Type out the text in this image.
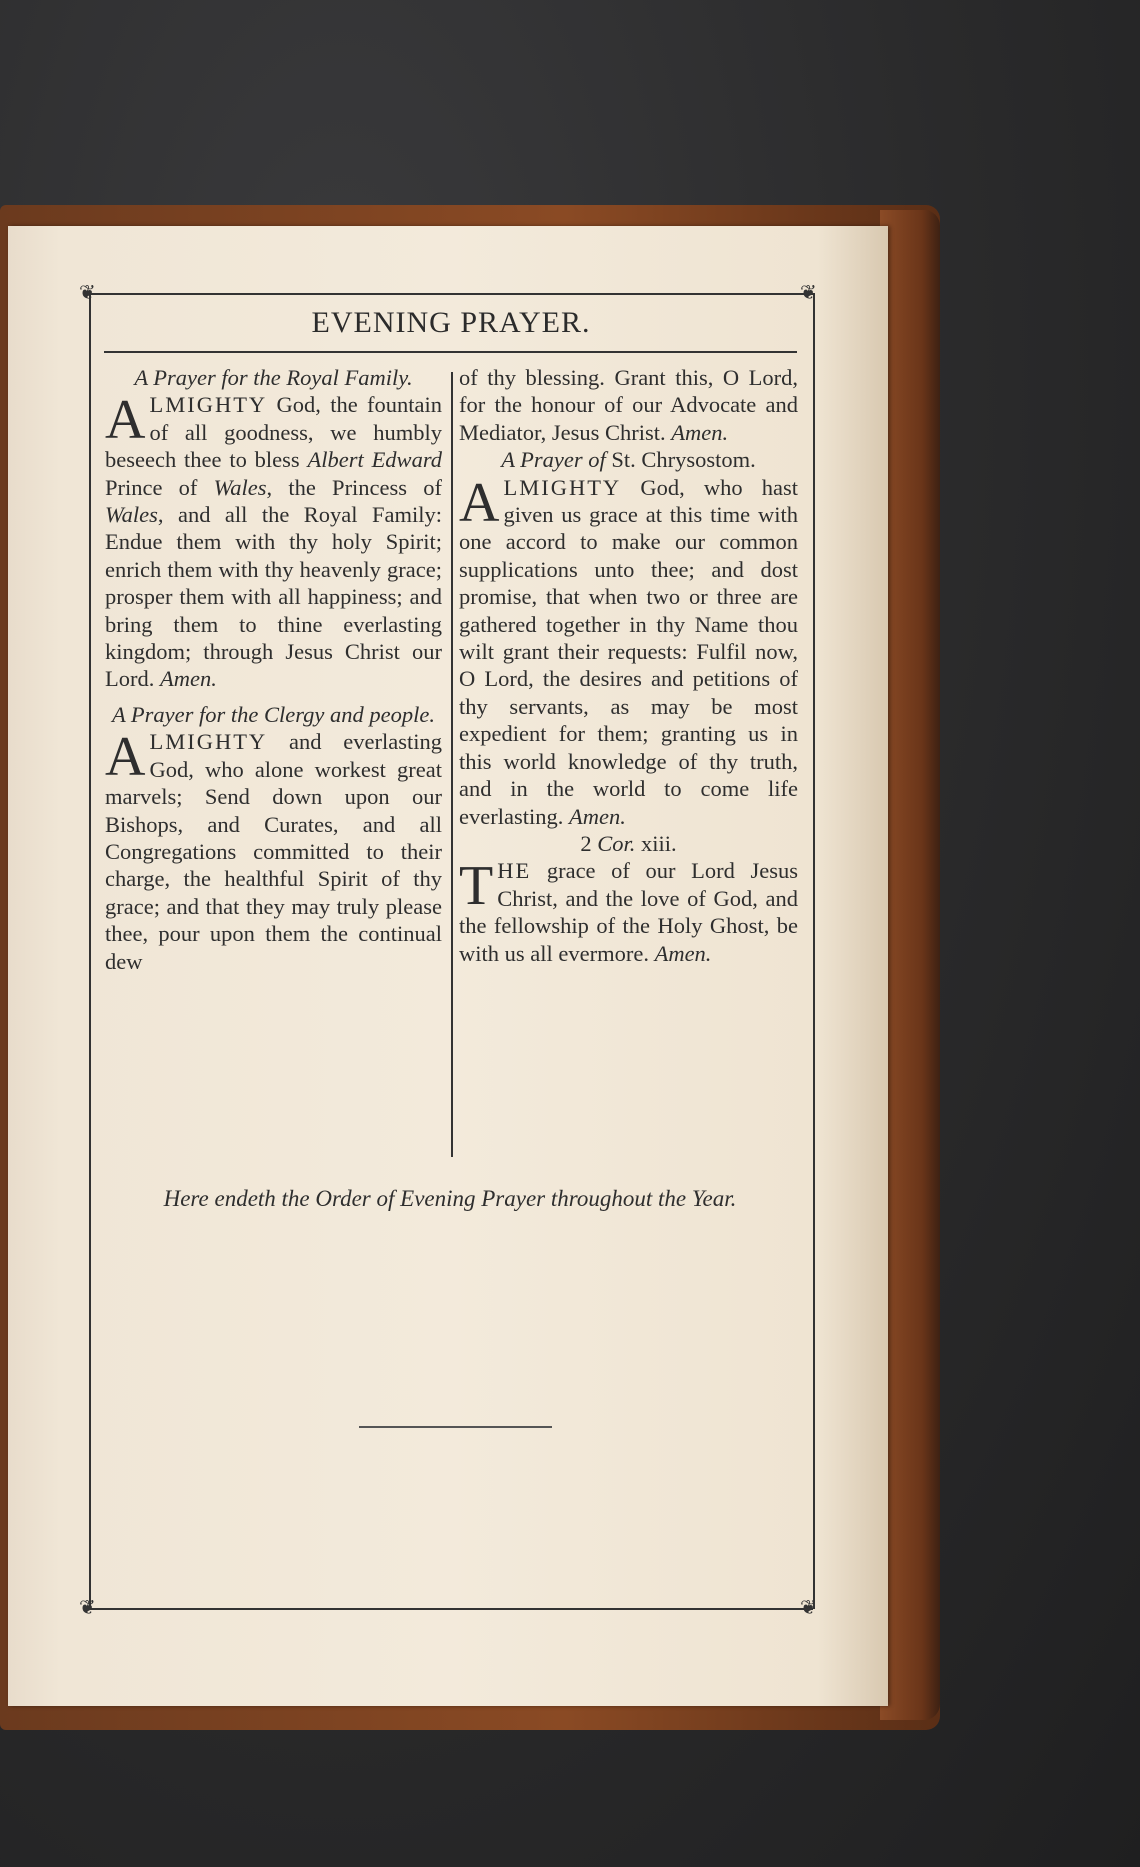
❦	❦
❦	❦
EVENING PRAYER.

A Prayer for the Royal Family.

ALMIGHTY God, the fountain of all goodness, we humbly beseech thee to bless Albert Edward Prince of Wales, the Princess of Wales, and all the Royal Family: Endue them with thy holy Spirit; enrich them with thy heavenly grace; prosper them with all happiness; and bring them to thine everlasting kingdom; through Jesus Christ our Lord. Amen.

A Prayer for the Clergy and people.

ALMIGHTY and everlasting God, who alone workest great marvels; Send down upon our Bishops, and Curates, and all Congregations committed to their charge, the healthful Spirit of thy grace; and that they may truly please thee, pour upon them the continual dew

of thy blessing. Grant this, O Lord, for the honour of our Advocate and Mediator, Jesus Christ. Amen.

A Prayer of St. Chrysostom.

ALMIGHTY God, who hast given us grace at this time with one accord to make our common supplications unto thee; and dost promise, that when two or three are gathered together in thy Name thou wilt grant their requests: Fulfil now, O Lord, the desires and petitions of thy servants, as may be most expedient for them; granting us in this world knowledge of thy truth, and in the world to come life everlasting. Amen.

2 Cor. xiii.

THE grace of our Lord Jesus Christ, and the love of God, and the fellowship of the Holy Ghost, be with us all evermore. Amen.

Here endeth the Order of Evening Prayer throughout the Year.
